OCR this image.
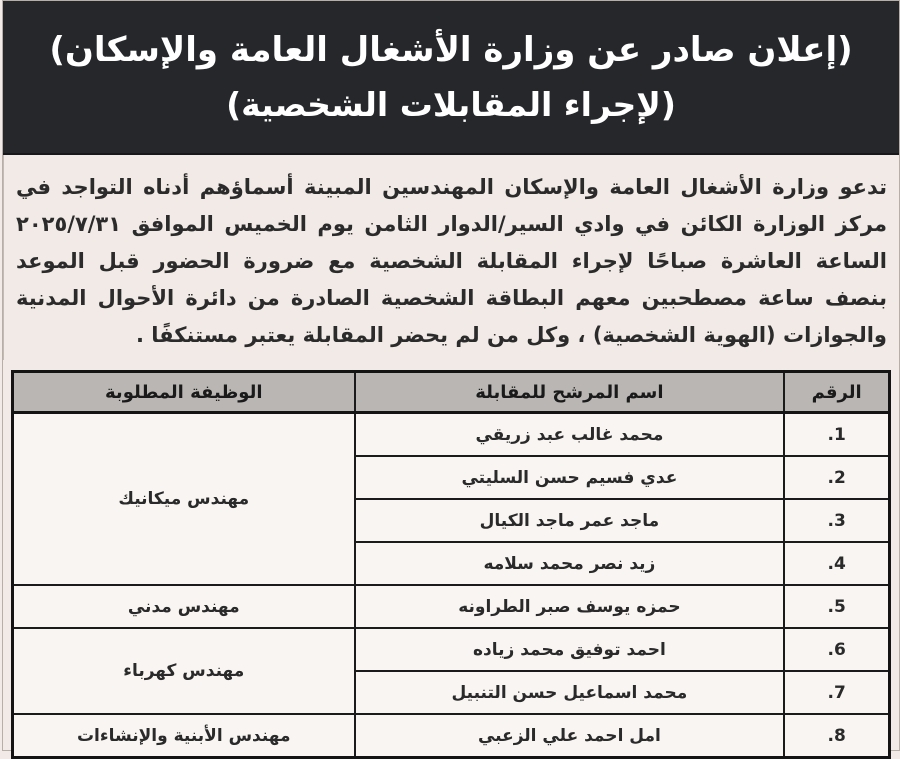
(إعلان صادر عن وزارة الأشغال العامة والإسكان)
(لإجراء المقابلات الشخصية)
تدعو وزارة الأشغال العامة والإسكان المهندسين المبينة أسماؤهم أدناه التواجد في مركز الوزارة الكائن في وادي السير/الدوار الثامن يوم الخميس الموافق ٢٠٢٥/٧/٣١ الساعة العاشرة صباحًا لإجراء المقابلة الشخصية مع ضرورة الحضور قبل الموعد بنصف ساعة مصطحبين معهم البطاقة الشخصية الصادرة من دائرة الأحوال المدنية والجوازات (الهوية الشخصية) ، وكل من لم يحضر المقابلة يعتبر مستنكفًا .
الرقم	اسم المرشح للمقابلة	الوظيفة المطلوبة
.1	محمد غالب عبد زريقي	مهندس ميكانيك
.2	عدي فسيم حسن السليتي	
.3	ماجد عمر ماجد الكيال	
.4	زيد نصر محمد سلامه	
.5	حمزه يوسف صبر الطراونه	مهندس مدني
.6	احمد توفيق محمد زياده	مهندس كهرباء
.7	محمد اسماعيل حسن التنبيل	
.8	امل احمد علي الزعبي	مهندس الأبنية والإنشاءات
